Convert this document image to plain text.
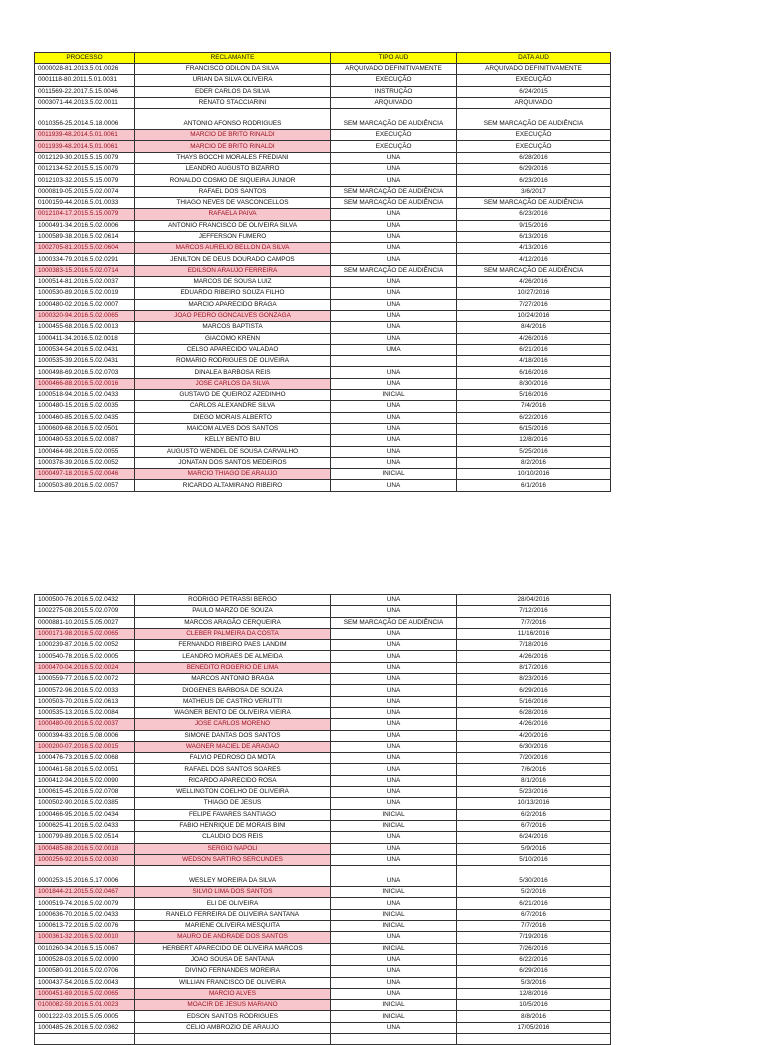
PROCESSO	RECLAMANTE	TIPO AUD	DATA AUD
0000028-81.2013.5.01.0026	FRANCISCO ODILON DA SILVA	ARQUIVADO DEFINITIVAMENTE	ARQUIVADO DEFINITIVAMENTE
0001118-80.2011.5.01.0031	URIAN DA SILVA OLIVEIRA	EXECUÇÃO	EXECUÇÃO
0011569-22.2017.5.15.0046	EDER CARLOS DA SILVA	INSTRUÇÃO	6/24/2015
0003071-44.2013.5.02.0011	RENATO STACCIARINI	ARQUIVADO	ARQUIVADO
0010356-25.2014.5.18.0006	ANTONIO AFONSO RODRIGUES	SEM MARCAÇÃO DE AUDIÊNCIA	SEM MARCAÇÃO DE AUDIÊNCIA
0011939-48.2014.5.01.0061	MARCIO DE BRITO RINALDI	EXECUÇÃO	EXECUÇÃO
0011939-48.2014.5.01.0061	MARCIO DE BRITO RINALDI	EXECUÇÃO	EXECUÇÃO
0012129-30.2015.5.15.0079	THAYS BOCCHI MORALES FREDIANI	UNA	6/28/2016
0012134-52.2015.5.15.0079	LEANDRO AUGUSTO BIZARRO	UNA	6/29/2016
0012103-32.2015.5.15.0079	RONALDO COSMO DE SIQUEIRA JUNIOR	UNA	6/23/2016
0000819-05.2015.5.02.0074	RAFAEL DOS SANTOS	SEM MARCAÇÃO DE AUDIÊNCIA	3/6/2017
0100159-44.2016.5.01.0033	THIAGO NEVES DE VASCONCELLOS	SEM MARCAÇÃO DE AUDIÊNCIA	SEM MARCAÇÃO DE AUDIÊNCIA
0012104-17.2015.5.15.0079	RAFAELA PAIVA	UNA	6/23/2016
1000491-34.2016.5.02.0006	ANTONIO FRANCISCO DE OLIVEIRA SILVA	UNA	9/15/2016
1000589-38.2016.5.02.0614	JEFFERSON FUMERO	UNA	6/13/2016
1002705-81.2015.5.02.0604	MARCOS AURELIO BELLON DA SILVA	UNA	4/13/2016
1000334-79.2016.5.02.0291	JENILTON DE DEUS DOURADO CAMPOS	UNA	4/12/2016
1000383-15.2016.5.02.0714	EDILSON ARAUJO FERREIRA	SEM MARCAÇÃO DE AUDIÊNCIA	SEM MARCAÇÃO DE AUDIÊNCIA
1000514-81.2016.5.02.0037	MARCOS DE SOUSA LUIZ	UNA	4/26/2016
1000530-89.2016.5.02.0019	EDUARDO RIBEIRO SOUZA FILHO	UNA	10/27/2016
1000480-02.2016.5.02.0007	MARCIO APARECIDO BRAGA	UNA	7/27/2016
1000320-94.2016.5.02.0065	JOAO PEDRO GONCALVES GONZAGA	UNA	10/24/2016
1000455-68.2016.5.02.0013	MARCOS BAPTISTA	UNA	8/4/2016
1000411-34.2016.5.02.0018	GIACOMO KRENN	UNA	4/26/2016
1000534-54.2016.5.02.0431	CELSO APARECIDO VALADAO	UMA	6/21/2016
1000535-39.2016.5.02.0431	ROMARIO RODRIGUES DE OLIVEIRA		4/18/2016
1000498-69.2016.5.02.0703	DINALEA BARBOSA REIS	UNA	6/16/2016
1000466-88.2016.5.02.0016	JOSE CARLOS DA SILVA	UNA	8/30/2016
1000518-94.2016.5.02.0433	GUSTAVO DE QUEIROZ AZEDINHO	INICIAL	5/16/2016
1000480-15.2016.5.02.0035	CARLOS ALEXANDRE SILVA	UNA	7/4/2016
1000460-85.2016.5.02.0435	DIEGO MORAIS ALBERTO	UNA	6/22/2016
1000609-68.2016.5.02.0501	MAICOM ALVES DOS SANTOS	UNA	6/15/2016
1000480-53.2016.5.02.0087	KELLY BENTO BIU	UNA	12/8/2016
1000464-98.2016.5.02.0055	AUGUSTO WENDEL DE SOUSA CARVALHO	UNA	5/25/2016
1000378-39.2016.5.02.0052	JONATAN DOS SANTOS MEDEIROS	UNA	8/2/2016
1000497-18.2016.5.02.0046	MARCIO THIAGO DE ARAUJO	INICIAL	10/10/2016
1000503-89.2016.5.02.0057	RICARDO ALTAMIRANO RIBEIRO	UNA	6/1/2016
1000500-76.2016.5.02.0432	RODRIGO PETRASSI BERGO	UNA	28/04/2016
1002275-08.2015.5.02.0709	PAULO MARZO DE SOUZA	UNA	7/12/2016
0000881-10.2015.5.05.0027	MARCOS ARAGÃO CERQUEIRA	SEM MARCAÇÃO DE AUDIÊNCIA	7/7/2016
1000171-98.2016.5.02.0065	CLEBER PALMEIRA DA COSTA	UNA	11/16/2016
1000239-87.2016.5.02.0052	FERNANDO RIBEIRO PAES LANDIM	UNA	7/18/2016
1000540-78.2016.5.02.0005	LEANDRO MORAES DE ALMEIDA	UNA	4/26/2016
1000470-04.2016.5.02.0024	BENEDITO ROGERIO DE LIMA	UNA	8/17/2016
1000559-77.2016.5.02.0072	MARCOS ANTONIO BRAGA	UNA	8/23/2016
1000572-96.2016.5.02.0033	DIOGENES BARBOSA DE SOUZA	UNA	6/29/2016
1000503-70.2016.5.02.0613	MATHEUS DE CASTRO VERUTTI	UNA	5/16/2016
1000535-13.2016.5.02.0084	WAGNER BENTO DE OLIVEIRA VIEIRA	UNA	6/28/2016
1000480-09.2016.5.02.0037	JOSE CARLOS MORENO	UNA	4/26/2016
0000394-83.2016.5.08.0006	SIMONE DANTAS DOS SANTOS	UNA	4/20/2016
1000200-07.2016.5.02.0015	WAGNER MACIEL DE ARAGAO	UNA	6/30/2016
1000476-73.2016.5.02.0068	FALVIO PEDROSO DA MOTA	UNA	7/20/2016
1000461-58.2016.5.02.0051	RAFAEL DOS SANTOS SOARES	UNA	7/6/2016
1000412-94.2016.5.02.0090	RICARDO APARECIDO ROSA	UNA	8/1/2016
1000615-45.2016.5.02.0708	WELLINGTON COELHO DE OLIVEIRA	UNA	5/23/2016
1000502-90.2016.5.02.0385	THIAGO DE JESUS	UNA	10/13/2016
1000466-95.2016.5.02.0434	FELIPE FAVARES SANTIAGO	INICIAL	6/2/2016
1000625-41.2016.5.02.0433	FABIO HENRIQUE DE MORAIS BINI	INICIAL	6/7/2016
1000799-89.2016.5.02.0514	CLAUDIO DOS REIS	UNA	6/24/2016
1000485-88.2016.5.02.0018	SERGIO NAPOLI	UNA	5/9/2016
1000256-92.2016.5.02.0030	WEDSON SARTIRO SERCUNDES	UNA	5/10/2016
0000253-15.2016.5.17.0006	WESLEY MOREIRA DA SILVA	UNA	5/30/2016
1001844-21.2015.5.02.0467	SILVIO LIMA DOS SANTOS	INICIAL	5/2/2016
1000519-74.2016.5.02.0079	ELI DE OLIVEIRA	UNA	6/21/2016
1000636-70.2016.5.02.0433	RANELO FERREIRA DE OLIVEIRA SANTANA	INICIAL	6/7/2016
1000613-72.2016.5.02.0076	MARIENE OLIVEIRA MESQUITA	INICIAL	7/7/2016
1000361-32.2016.5.02.0010	MAURO DE ANDRADE DOS SANTOS	UNA	7/19/2016
0010260-34.2016.5.15.0067	HERBERT APARECIDO DE OLIVEIRA MARCOS	INICIAL	7/26/2016
1000528-03.2016.5.02.0090	JOAO SOUSA DE SANTANA	UNA	6/22/2016
1000580-91.2016.5.02.0706	DIVINO FERNANDES MOREIRA	UNA	6/29/2016
1000437-54.2016.5.02.0043	WILLIAN FRANCISCO DE OLIVEIRA	UNA	5/3/2016
1000451-69.2016.5.02.0065	MARCIO ALVES	UNA	12/8/2016
0100082-59.2016.5.01.0023	MOACIR DE JESUS MARIANO	INICIAL	10/5/2016
0001222-03.2015.5.05.0005	EDSON SANTOS RODRIGUES	INICIAL	8/8/2016
1000485-26.2016.5.02.0362	CELIO AMBROZIO DE ARAUJO	UNA	17/05/2016
